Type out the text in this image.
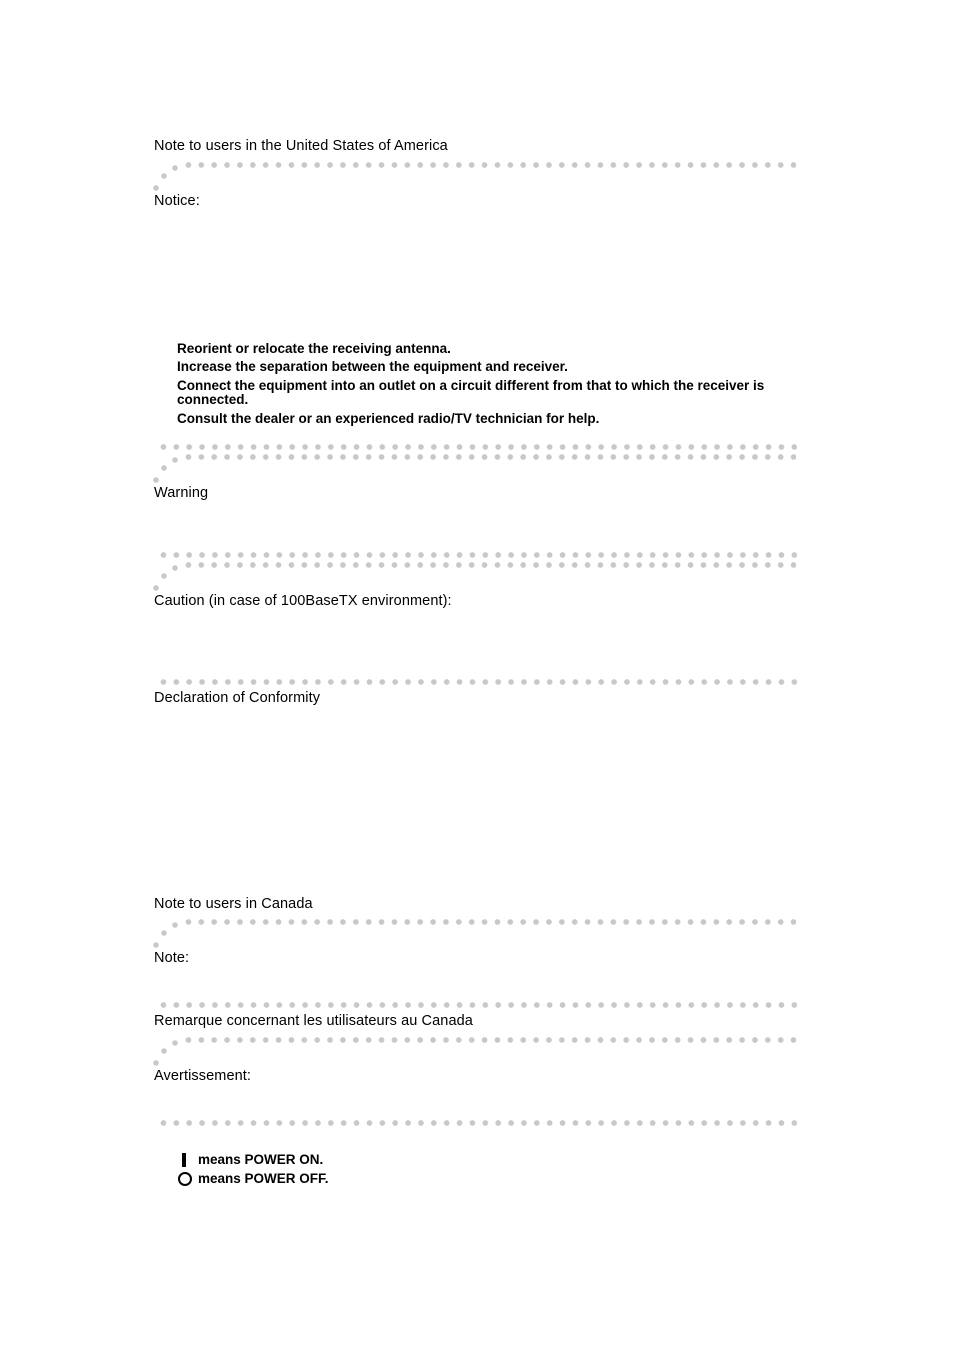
Note to users in the United States of America
Notice:
Reorient or relocate the receiving antenna.
Increase the separation between the equipment and receiver.
Connect the equipment into an outlet on a circuit different from that to which the receiver is connected.
Consult the dealer or an experienced radio/TV technician for help.
Warning
Caution (in case of 100BaseTX environment):
Declaration of Conformity
Note to users in Canada
Note:
Remarque concernant les utilisateurs au Canada
Avertissement:
means POWER ON.
means POWER OFF.
